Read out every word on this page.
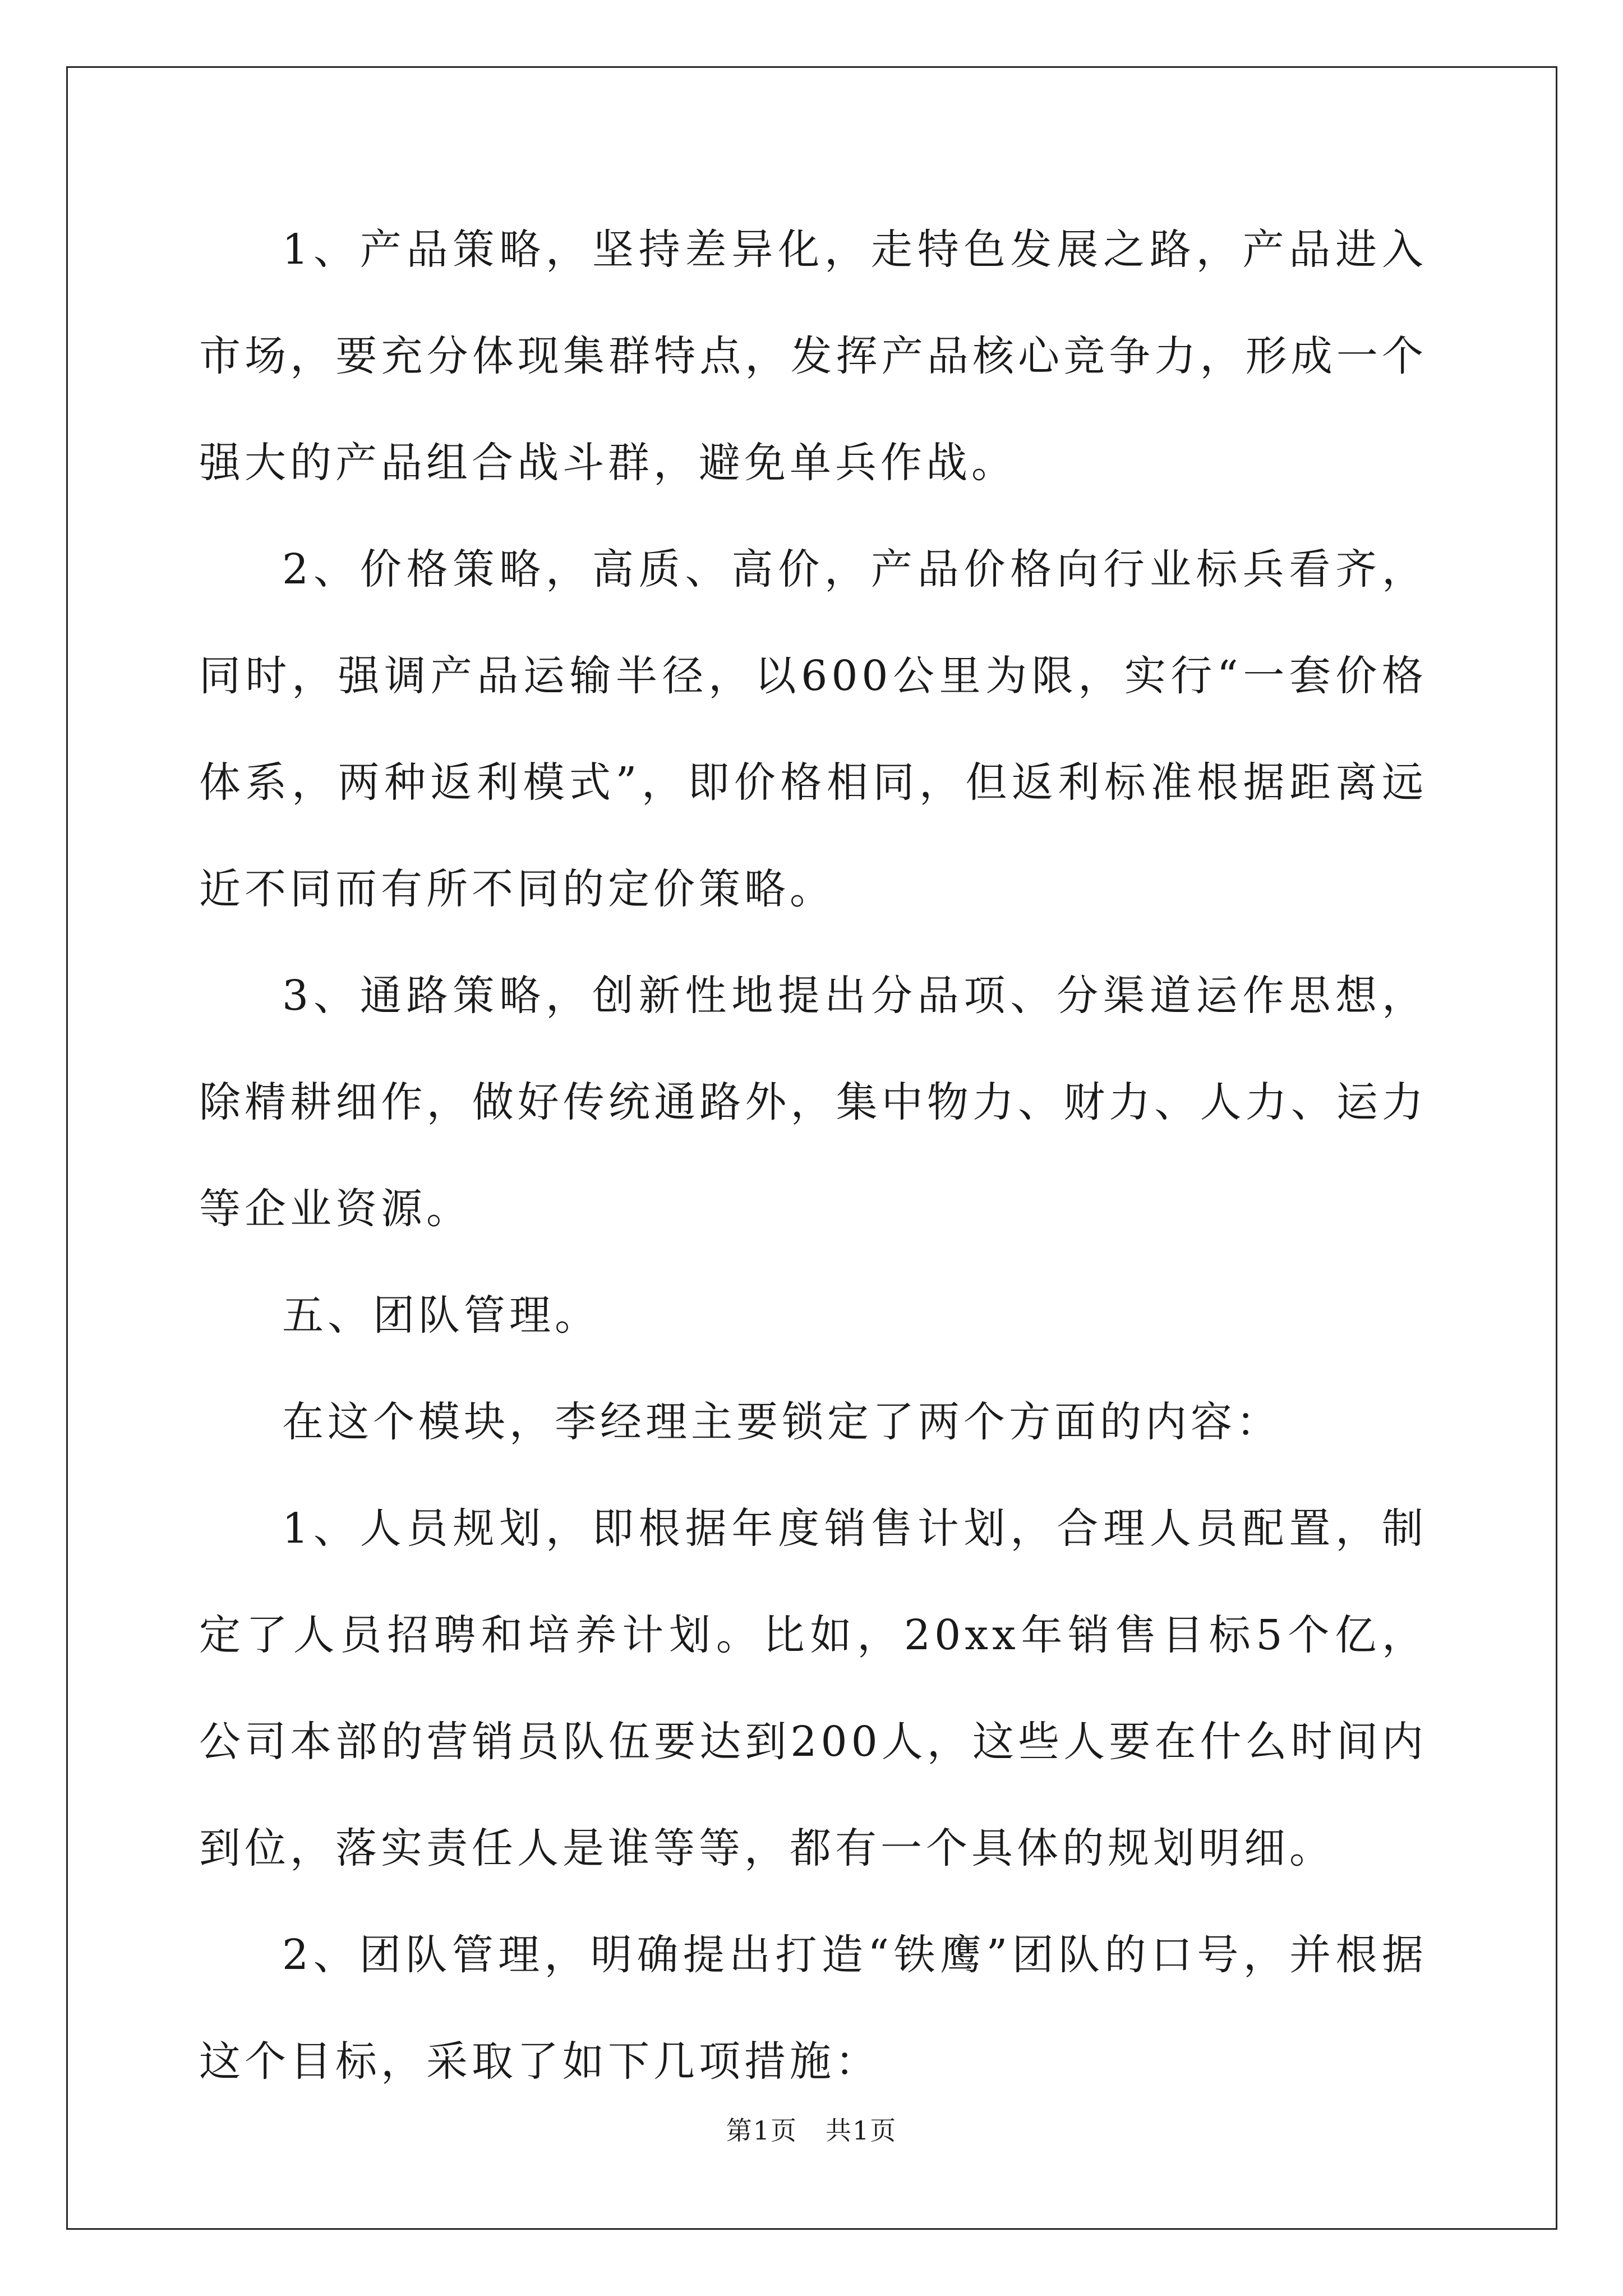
1、产品策略，坚持差异化，走特色发展之路，产品进入市场，要充分体现集群特点，发挥产品核心竞争力，形成一个强大的产品组合战斗群，避免单兵作战。

2、价格策略，高质、高价，产品价格向行业标兵看齐，同时，强调产品运输半径，以600公里为限，实行“一套价格体系，两种返利模式”，即价格相同，但返利标准根据距离远近不同而有所不同的定价策略。

3、通路策略，创新性地提出分品项、分渠道运作思想，除精耕细作，做好传统通路外，集中物力、财力、人力、运力等企业资源。

五、团队管理。

在这个模块，李经理主要锁定了两个方面的内容：

1、人员规划，即根据年度销售计划，合理人员配置，制定了人员招聘和培养计划。比如，20xx年销售目标5个亿，公司本部的营销员队伍要达到200人，这些人要在什么时间内到位，落实责任人是谁等等，都有一个具体的规划明细。

2、团队管理，明确提出打造“铁鹰”团队的口号，并根据这个目标，采取了如下几项措施：

第1页 共1页
